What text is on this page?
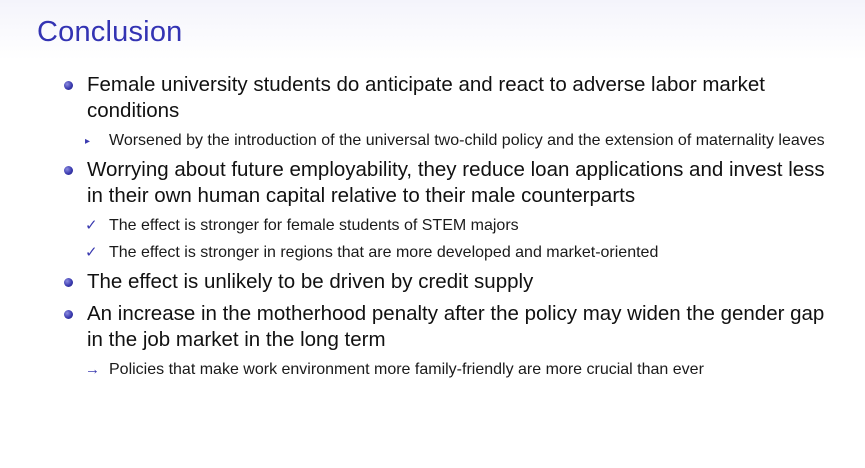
Conclusion
Female university students do anticipate and react to adverse labor market conditions
▸ Worsened by the introduction of the universal two-child policy and the extension of maternality leaves
Worrying about future employability, they reduce loan applications and invest less in their own human capital relative to their male counterparts
✓ The effect is stronger for female students of STEM majors
✓ The effect is stronger in regions that are more developed and market-oriented
The effect is unlikely to be driven by credit supply
An increase in the motherhood penalty after the policy may widen the gender gap in the job market in the long term
→ Policies that make work environment more family-friendly are more crucial than ever
